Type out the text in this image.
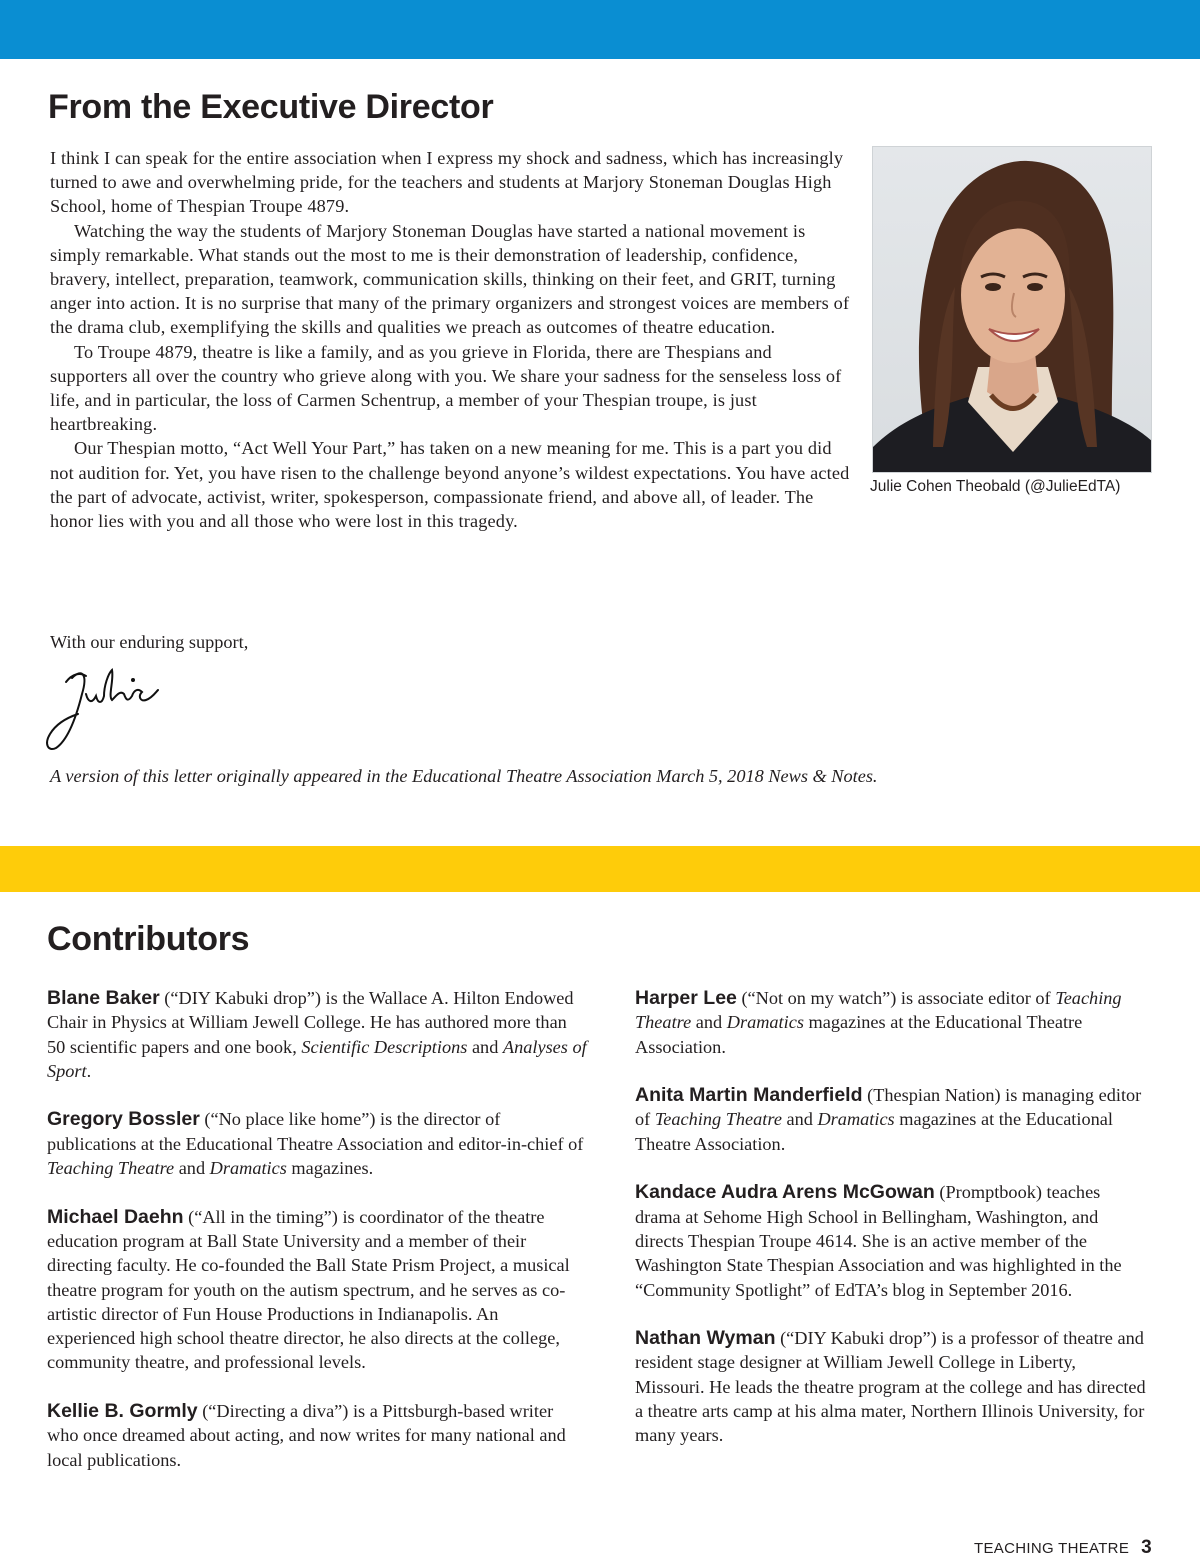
From the Executive Director

I think I can speak for the entire association when I express my shock and sadness, which has increasingly turned to awe and overwhelming pride, for the teachers and students at Marjory Stoneman Douglas High School, home of Thespian Troupe 4879.

Watching the way the students of Marjory Stoneman Douglas have started a national movement is simply remarkable. What stands out the most to me is their demonstration of leadership, confidence, bravery, intellect, preparation, teamwork, communication skills, thinking on their feet, and GRIT, turning anger into action. It is no surprise that many of the primary organizers and strongest voices are members of the drama club, exemplifying the skills and qualities we preach as outcomes of theatre education.

To Troupe 4879, theatre is like a family, and as you grieve in Florida, there are Thespians and supporters all over the country who grieve along with you. We share your sadness for the senseless loss of life, and in particular, the loss of Carmen Schentrup, a member of your Thespian troupe, is just heartbreaking.

Our Thespian motto, “Act Well Your Part,” has taken on a new meaning for me. This is a part you did not audition for. Yet, you have risen to the challenge beyond anyone’s wildest expectations. You have acted the part of advocate, activist, writer, spokesperson, compassionate friend, and above all, of leader. The honor lies with you and all those who were lost in this tragedy.

Julie Cohen Theobald (@JulieEdTA)
With our enduring support,
A version of this letter originally appeared in the Educational Theatre Association March 5, 2018 News & Notes.
Contributors

Blane Baker (“DIY Kabuki drop”) is the Wallace A. Hilton Endowed Chair in Physics at William Jewell College. He has authored more than 50 scientific papers and one book, Scientific Descriptions and Analyses of Sport.

Gregory Bossler (“No place like home”) is the director of publications at the Educational Theatre Association and editor-in-chief of Teaching Theatre and Dramatics magazines.

Michael Daehn (“All in the timing”) is coordinator of the theatre education program at Ball State University and a member of their directing faculty. He co-founded the Ball State Prism Project, a musical theatre program for youth on the autism spectrum, and he serves as co-artistic director of Fun House Productions in Indianapolis. An experienced high school theatre director, he also directs at the college, community theatre, and professional levels.

Kellie B. Gormly (“Directing a diva”) is a Pittsburgh-based writer who once dreamed about acting, and now writes for many national and local publications.

Harper Lee (“Not on my watch”) is associate editor of Teaching Theatre and Dramatics magazines at the Educational Theatre Association.

Anita Martin Manderfield (Thespian Nation) is managing editor of Teaching Theatre and Dramatics magazines at the Educational Theatre Association.

Kandace Audra Arens McGowan (Promptbook) teaches drama at Sehome High School in Bellingham, Washington, and directs Thespian Troupe 4614. She is an active member of the Washington State Thespian Association and was highlighted in the “Community Spotlight” of EdTA’s blog in September 2016.

Nathan Wyman (“DIY Kabuki drop”) is a professor of theatre and resident stage designer at William Jewell College in Liberty, Missouri. He leads the theatre program at the college and has directed a theatre arts camp at his alma mater, Northern Illinois University, for many years.

TEACHING THEATRE 3
